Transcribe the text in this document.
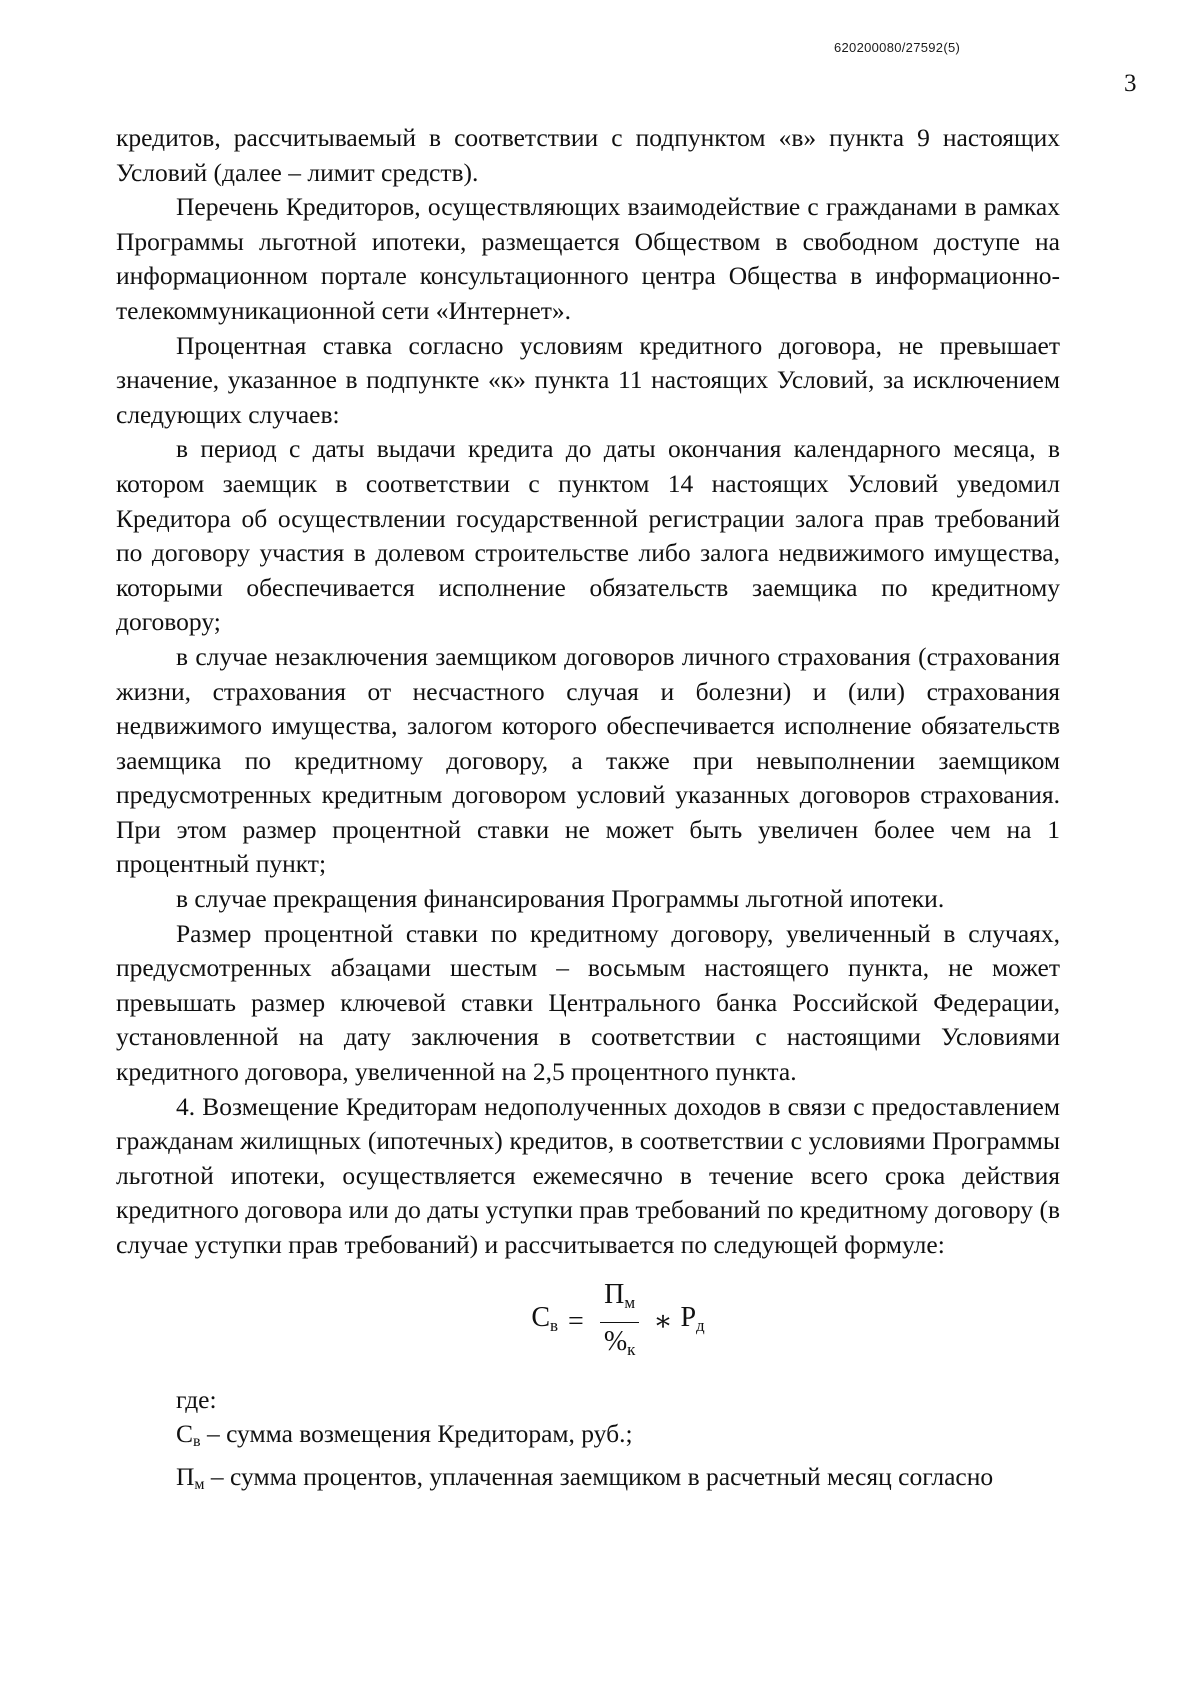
620200080/27592(5)
3

кредитов, рассчитываемый в соответствии с подпунктом «в» пункта 9 настоящих Условий (далее – лимит средств).

Перечень Кредиторов, осуществляющих взаимодействие с гражданами в рамках Программы льготной ипотеки, размещается Обществом в свободном доступе на информационном портале консультационного центра Общества в информационно-телекоммуникационной сети «Интернет».

Процентная ставка согласно условиям кредитного договора, не превышает значение, указанное в подпункте «к» пункта 11 настоящих Условий, за исключением следующих случаев:

в период с даты выдачи кредита до даты окончания календарного месяца, в котором заемщик в соответствии с пунктом 14 настоящих Условий уведомил Кредитора об осуществлении государственной регистрации залога прав требований по договору участия в долевом строительстве либо залога недвижимого имущества, которыми обеспечивается исполнение обязательств заемщика по кредитному договору;

в случае незаключения заемщиком договоров личного страхования (страхования жизни, страхования от несчастного случая и болезни) и (или) страхования недвижимого имущества, залогом которого обеспечивается исполнение обязательств заемщика по кредитному договору, а также при невыполнении заемщиком предусмотренных кредитным договором условий указанных договоров страхования. При этом размер процентной ставки не может быть увеличен более чем на 1 процентный пункт;

в случае прекращения финансирования Программы льготной ипотеки.

Размер процентной ставки по кредитному договору, увеличенный в случаях, предусмотренных абзацами шестым – восьмым настоящего пункта, не может превышать размер ключевой ставки Центрального банка Российской Федерации, установленной на дату заключения в соответствии с настоящими Условиями кредитного договора, увеличенной на 2,5 процентного пункта.

4. Возмещение Кредиторам недополученных доходов в связи с предоставлением гражданам жилищных (ипотечных) кредитов, в соответствии с условиями Программы льготной ипотеки, осуществляется ежемесячно в течение всего срока действия кредитного договора или до даты уступки прав требований по кредитному договору (в случае уступки прав требований) и рассчитывается по следующей формуле:

$С_в = \frac{П_м}{\%_к}$ ∗ $Р_д$

где:

$С_в$ – сумма возмещения Кредиторам, руб.;

$П_м$ – сумма процентов, уплаченная заемщиком в расчетный месяц согласно
